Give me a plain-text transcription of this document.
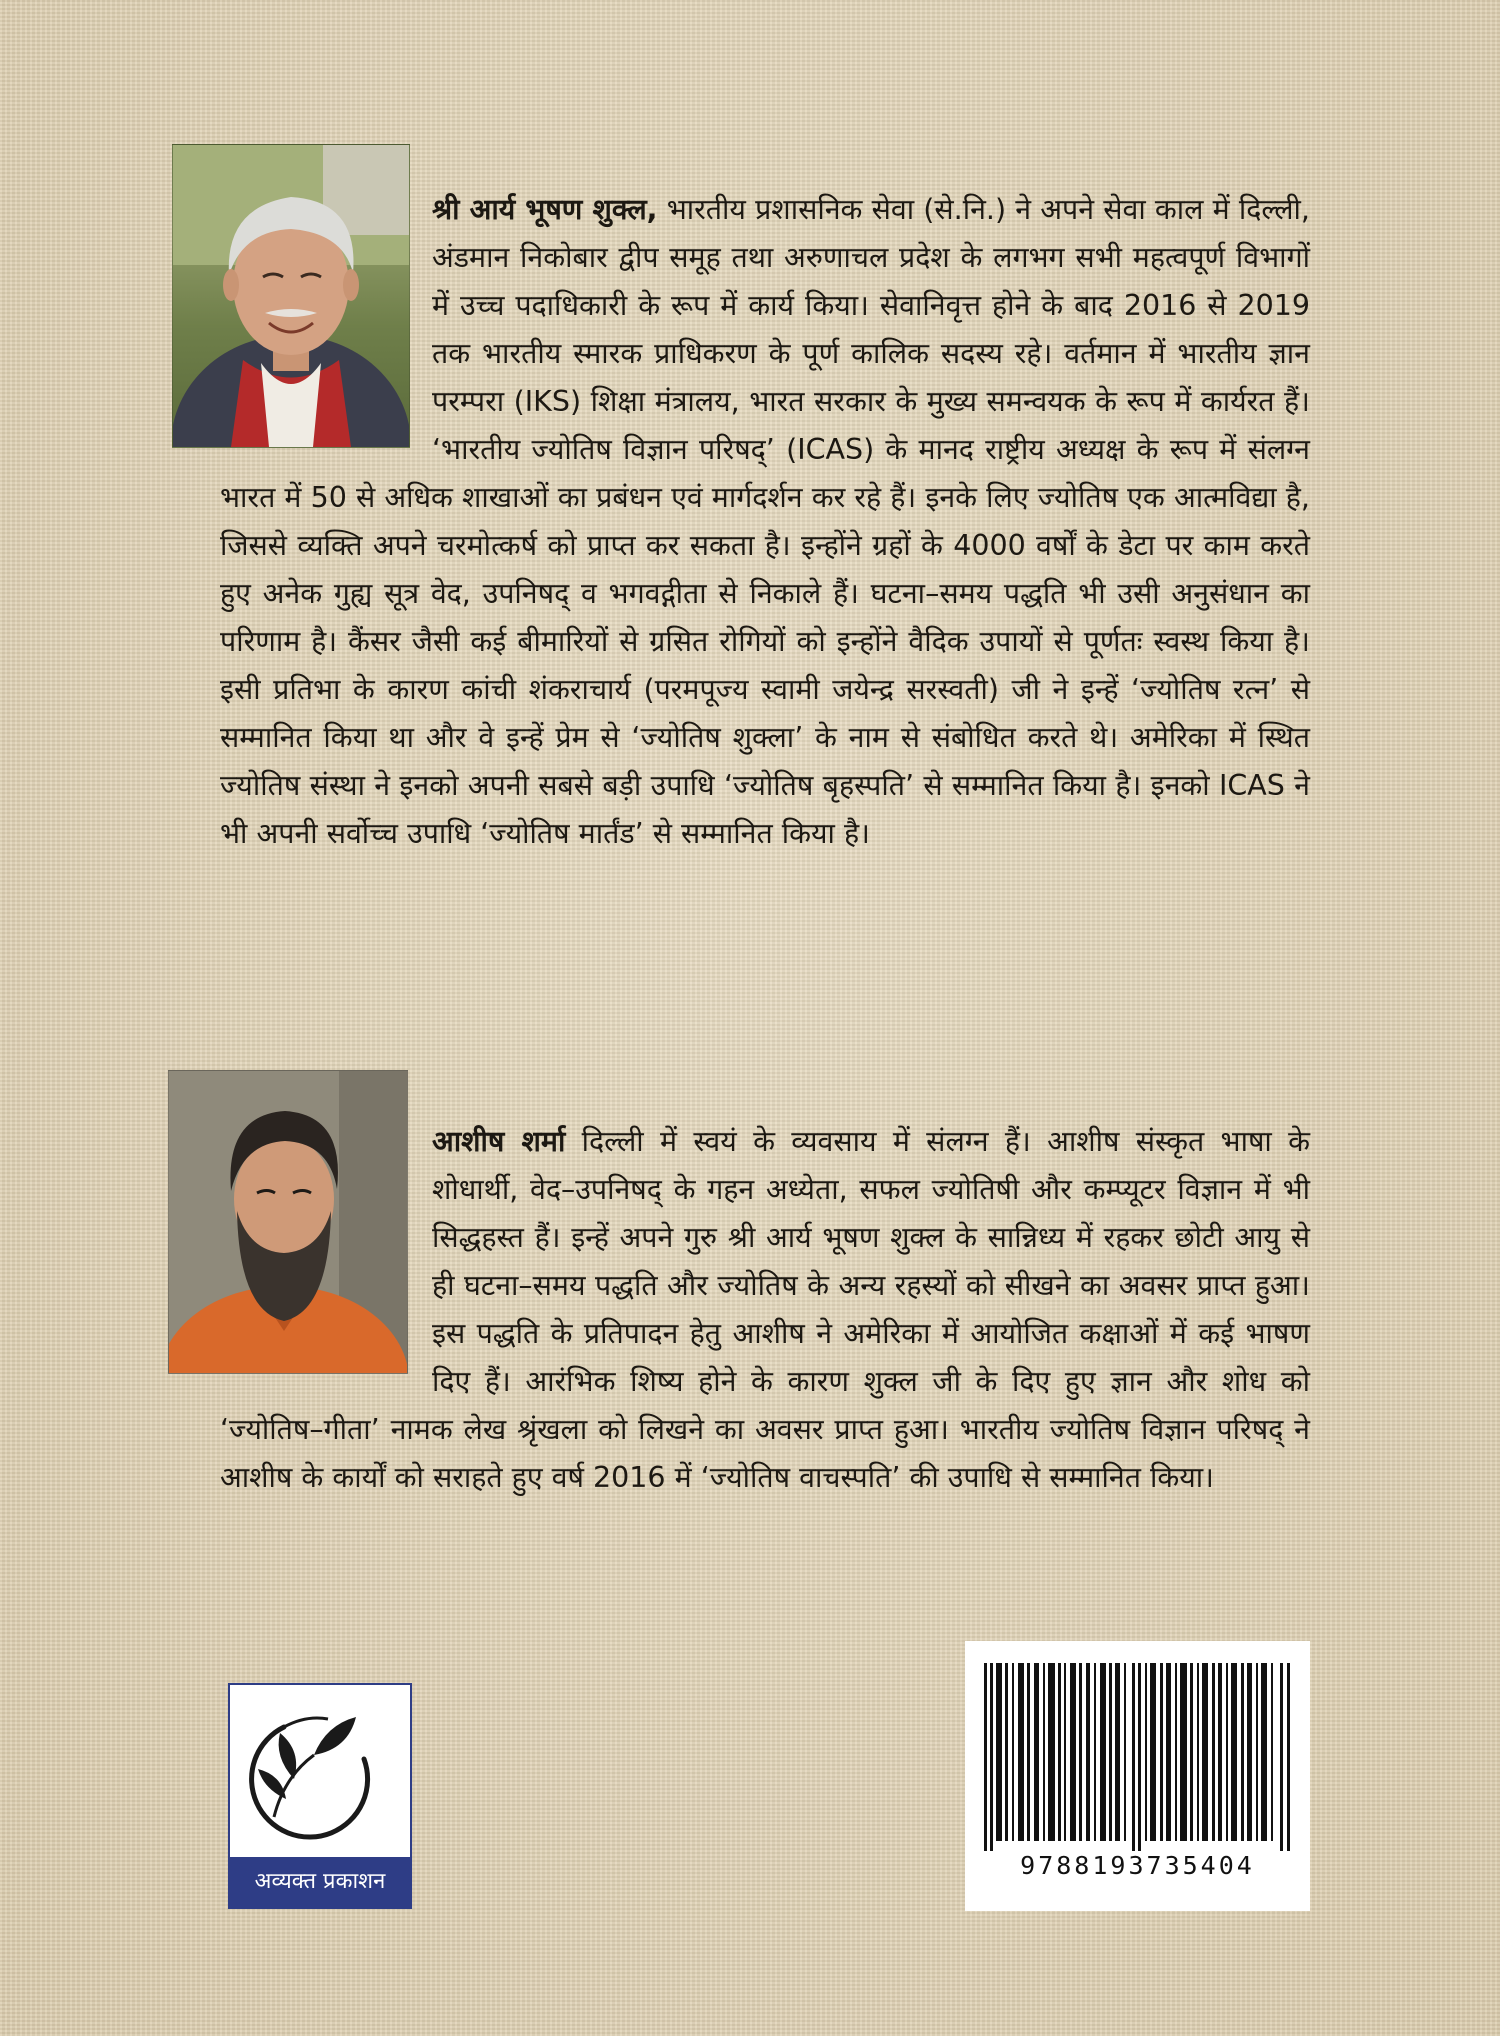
श्री आर्य भूषण शुक्ल, भारतीय प्रशासनिक सेवा (से.नि.) ने अपने सेवा काल में दिल्ली, अंडमान निकोबार द्वीप समूह तथा अरुणाचल प्रदेश के लगभग सभी महत्वपूर्ण विभागों में उच्च पदाधिकारी के रूप में कार्य किया। सेवानिवृत्त होने के बाद 2016 से 2019 तक भारतीय स्मारक प्राधिकरण के पूर्ण कालिक सदस्य रहे। वर्तमान में भारतीय ज्ञान परम्परा (IKS) शिक्षा मंत्रालय, भारत सरकार के मुख्य समन्वयक के रूप में कार्यरत हैं। ‘भारतीय ज्योतिष विज्ञान परिषद्’ (ICAS) के मानद राष्ट्रीय अध्यक्ष के रूप में संलग्न भारत में 50 से अधिक शाखाओं का प्रबंधन एवं मार्गदर्शन कर रहे हैं। इनके लिए ज्योतिष एक आत्मविद्या है, जिससे व्यक्ति अपने चरमोत्कर्ष को प्राप्त कर सकता है। इन्होंने ग्रहों के 4000 वर्षों के डेटा पर काम करते हुए अनेक गुह्य सूत्र वेद, उपनिषद् व भगवद्गीता से निकाले हैं। घटना–समय पद्धति भी उसी अनुसंधान का परिणाम है। कैंसर जैसी कई बीमारियों से ग्रसित रोगियों को इन्होंने वैदिक उपायों से पूर्णतः स्वस्थ किया है। इसी प्रतिभा के कारण कांची शंकराचार्य (परमपूज्य स्वामी जयेन्द्र सरस्वती) जी ने इन्हें ‘ज्योतिष रत्न’ से सम्मानित किया था और वे इन्हें प्रेम से ‘ज्योतिष शुक्ला’ के नाम से संबोधित करते थे। अमेरिका में स्थित ज्योतिष संस्था ने इनको अपनी सबसे बड़ी उपाधि ‘ज्योतिष बृहस्पति’ से सम्मानित किया है। इनको ICAS ने भी अपनी सर्वोच्च उपाधि ‘ज्योतिष मार्तंड’ से सम्मानित किया है।

आशीष शर्मा दिल्ली में स्वयं के व्यवसाय में संलग्न हैं। आशीष संस्कृत भाषा के शोधार्थी, वेद–उपनिषद् के गहन अध्येता, सफल ज्योतिषी और कम्प्यूटर विज्ञान में भी सिद्धहस्त हैं। इन्हें अपने गुरु श्री आर्य भूषण शुक्ल के सान्निध्य में रहकर छोटी आयु से ही घटना–समय पद्धति और ज्योतिष के अन्य रहस्यों को सीखने का अवसर प्राप्त हुआ। इस पद्धति के प्रतिपादन हेतु आशीष ने अमेरिका में आयोजित कक्षाओं में कई भाषण दिए हैं। आरंभिक शिष्य होने के कारण शुक्ल जी के दिए हुए ज्ञान और शोध को ‘ज्योतिष–गीता’ नामक लेख श्रृंखला को लिखने का अवसर प्राप्त हुआ। भारतीय ज्योतिष विज्ञान परिषद् ने आशीष के कार्यों को सराहते हुए वर्ष 2016 में ‘ज्योतिष वाचस्पति’ की उपाधि से सम्मानित किया।

अव्यक्त प्रकाशन
9788193735404
